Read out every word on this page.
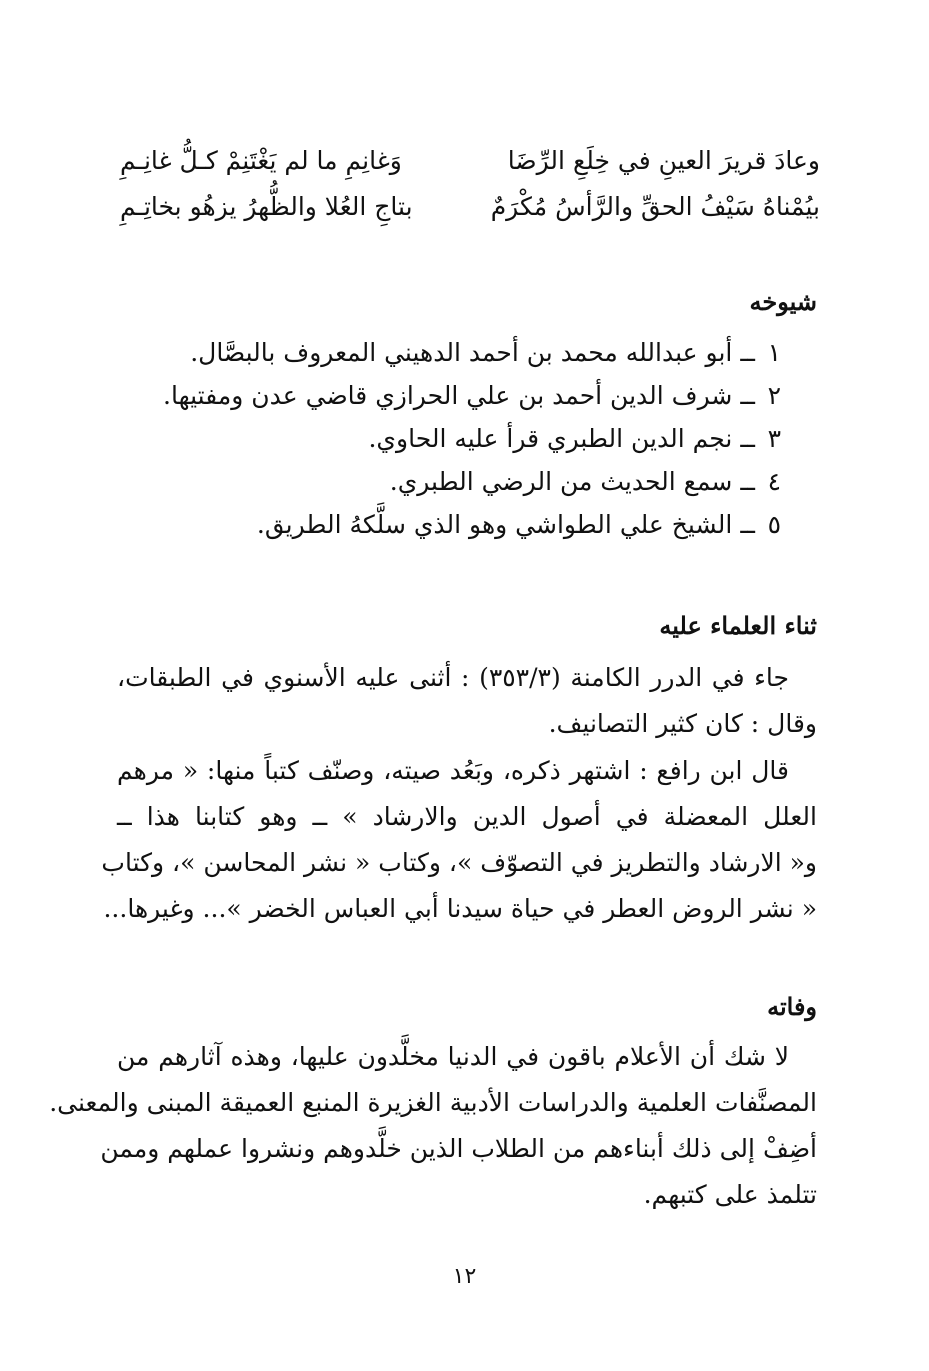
وعادَ قريرَ العينِ في خِلَعِ الرِّضَا
وَغانِمِ ما لم يَغْتَنِمْ كـلُّ غانِـمِ
بيُمْناهُ سَيْفُ الحقِّ والرَّأسُ مُكْرَمٌ
بتاجِ العُلا والظُّهرُ يزهُو بخاتِـمِ
شيوخه
١ــأبو عبدالله محمد بن أحمد الدهيني المعروف بالبصَّال.
٢ــشرف الدين أحمد بن علي الحرازي قاضي عدن ومفتيها.
٣ــنجم الدين الطبري قرأ عليه الحاوي.
٤ــسمع الحديث من الرضي الطبري.
٥ــالشيخ علي الطواشي وهو الذي سلَّكهُ الطريق.
ثناء العلماء عليه
جاء في الدرر الكامنة (٣٥٣/٣) : أثنى عليه الأسنوي في الطبقات،
وقال : كان كثير التصانيف.
قال ابن رافع : اشتهر ذكره، وبَعُد صيته، وصنّف كتباً منها: « مرهم
العلل المعضلة في أصول الدين والارشاد » ــ وهو كتابنا هذا ــ
و« الارشاد والتطريز في التصوّف »، وكتاب « نشر المحاسن »، وكتاب
« نشر الروض العطر في حياة سيدنا أبي العباس الخضر »... وغيرها...
وفاته
لا شك أن الأعلام باقون في الدنيا مخلَّدون عليها، وهذه آثارهم من
المصنَّفات العلمية والدراسات الأدبية الغزيرة المنبع العميقة المبنى والمعنى.
أضِفْ إلى ذلك أبناءهم من الطلاب الذين خلَّدوهم ونشروا عملهم وممن
تتلمذ على كتبهم.
١٢
